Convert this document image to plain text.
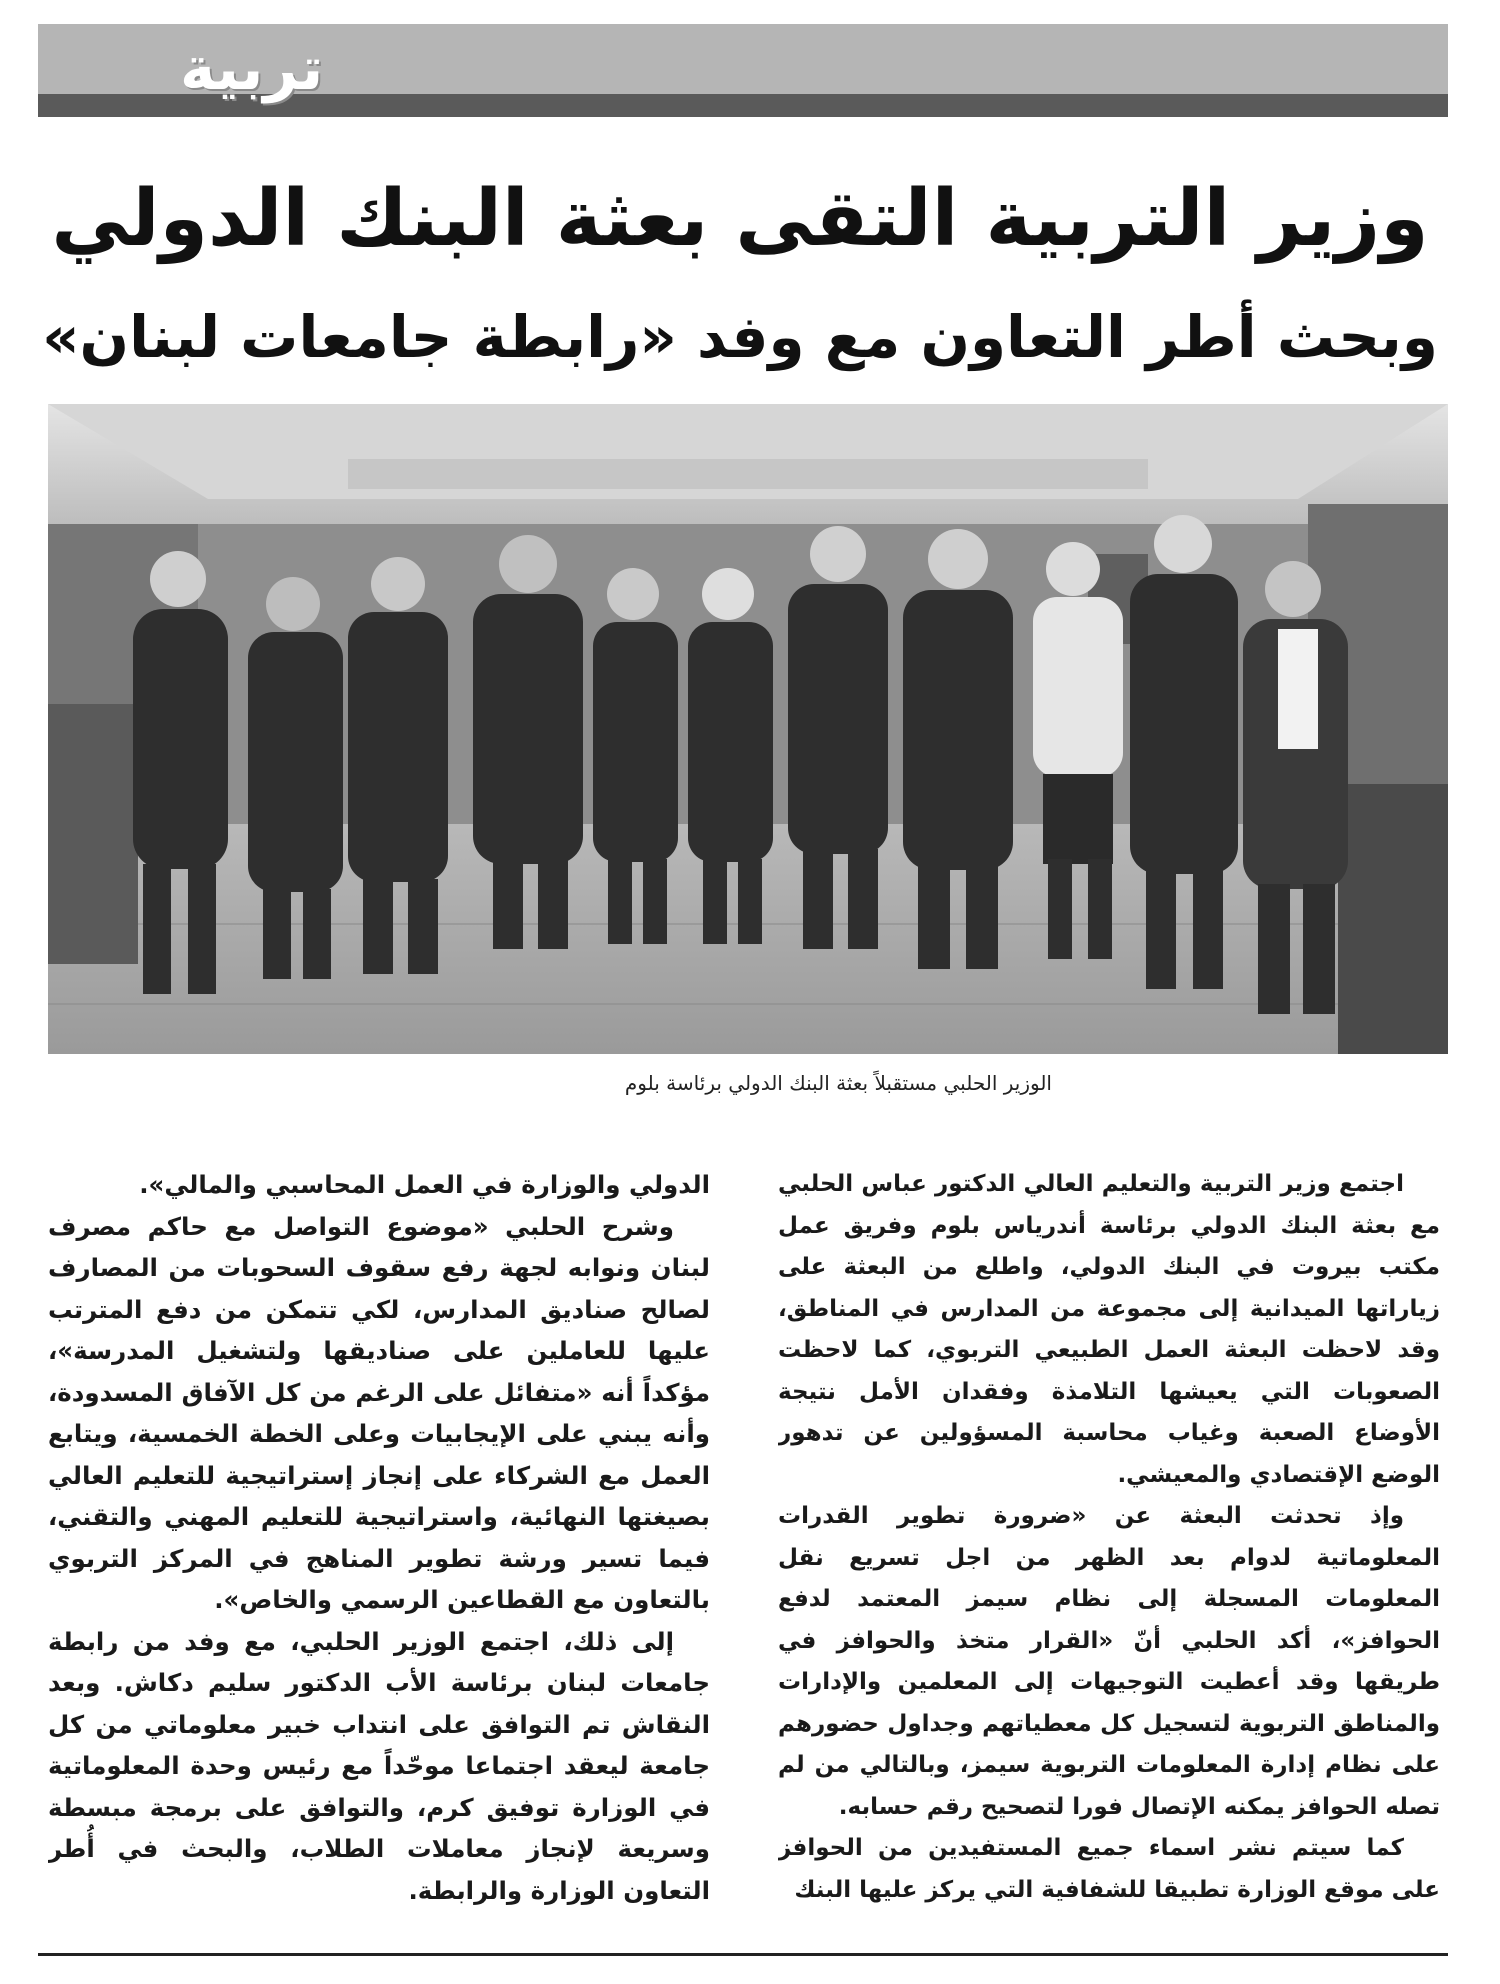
تربية
وزير التربية التقى بعثة البنك الدولي
وبحث أطر التعاون مع وفد «رابطة جامعات لبنان»
الوزير الحلبي مستقبلاً بعثة البنك الدولي برئاسة بلوم

اجتمع وزير التربية والتعليم العالي الدكتور عباس الحلبي مع بعثة البنك الدولي برئاسة أندرياس بلوم وفريق عمل مكتب بيروت في البنك الدولي، واطلع من البعثة على زياراتها الميدانية إلى مجموعة من المدارس في المناطق، وقد لاحظت البعثة العمل الطبيعي التربوي، كما لاحظت الصعوبات التي يعيشها التلامذة وفقدان الأمل نتيجة الأوضاع الصعبة وغياب محاسبة المسؤولين عن تدهور الوضع الإقتصادي والمعيشي.

وإذ تحدثت البعثة عن «ضرورة تطوير القدرات المعلوماتية لدوام بعد الظهر من اجل تسريع نقل المعلومات المسجلة إلى نظام سيمز المعتمد لدفع الحوافز»، أكد الحلبي أنّ «القرار متخذ والحوافز في طريقها وقد أعطيت التوجيهات إلى المعلمين والإدارات والمناطق التربوية لتسجيل كل معطياتهم وجداول حضورهم على نظام إدارة المعلومات التربوية سيمز، وبالتالي من لم تصله الحوافز يمكنه الإتصال فورا لتصحيح رقم حسابه.

كما سيتم نشر اسماء جميع المستفيدين من الحوافز على موقع الوزارة تطبيقا للشفافية التي يركز عليها البنك

الدولي والوزارة في العمل المحاسبي والمالي».

وشرح الحلبي «موضوع التواصل مع حاكم مصرف لبنان ونوابه لجهة رفع سقوف السحوبات من المصارف لصالح صناديق المدارس، لكي تتمكن من دفع المترتب عليها للعاملين على صناديقها ولتشغيل المدرسة»، مؤكداً أنه «متفائل على الرغم من كل الآفاق المسدودة، وأنه يبني على الإيجابيات وعلى الخطة الخمسية، ويتابع العمل مع الشركاء على إنجاز إستراتيجية للتعليم العالي بصيغتها النهائية، واستراتيجية للتعليم المهني والتقني، فيما تسير ورشة تطوير المناهج في المركز التربوي بالتعاون مع القطاعين الرسمي والخاص».

إلى ذلك، اجتمع الوزير الحلبي، مع وفد من رابطة جامعات لبنان برئاسة الأب الدكتور سليم دكاش. وبعد النقاش تم التوافق على انتداب خبير معلوماتي من كل جامعة ليعقد اجتماعا موحّداً مع رئيس وحدة المعلوماتية في الوزارة توفيق كرم، والتوافق على برمجة مبسطة وسريعة لإنجاز معاملات الطلاب، والبحث في أُطر التعاون الوزارة والرابطة.
